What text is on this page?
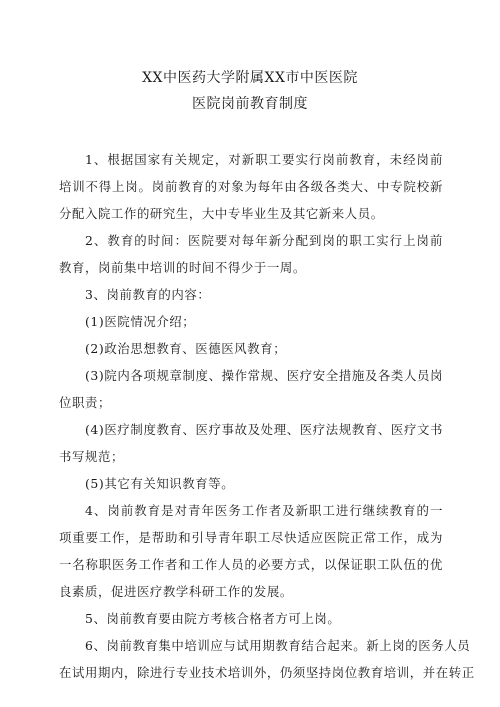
XX中医药大学附属XX市中医医院
医院岗前教育制度
1、根据国家有关规定，对新职工要实行岗前教育，未经岗前培训不得上岗。岗前教育的对象为每年由各级各类大、中专院校新分配入院工作的研究生，大中专毕业生及其它新来人员。
2、教育的时间：医院要对每年新分配到岗的职工实行上岗前教育，岗前集中培训的时间不得少于一周。
3、岗前教育的内容：
(1)医院情况介绍；
(2)政治思想教育、医德医风教育；
(3)院内各项规章制度、操作常规、医疗安全措施及各类人员岗位职责；
(4)医疗制度教育、医疗事故及处理、医疗法规教育、医疗文书书写规范；
(5)其它有关知识教育等。
4、岗前教育是对青年医务工作者及新职工进行继续教育的一项重要工作，是帮助和引导青年职工尽快适应医院正常工作，成为一名称职医务工作者和工作人员的必要方式，以保证职工队伍的优良素质，促进医疗教学科研工作的发展。
5、岗前教育要由院方考核合格者方可上岗。
6、岗前教育集中培训应与试用期教育结合起来。新上岗的医务人员
在试用期内，除进行专业技术培训外，仍须坚持岗位教育培训，并在转正
